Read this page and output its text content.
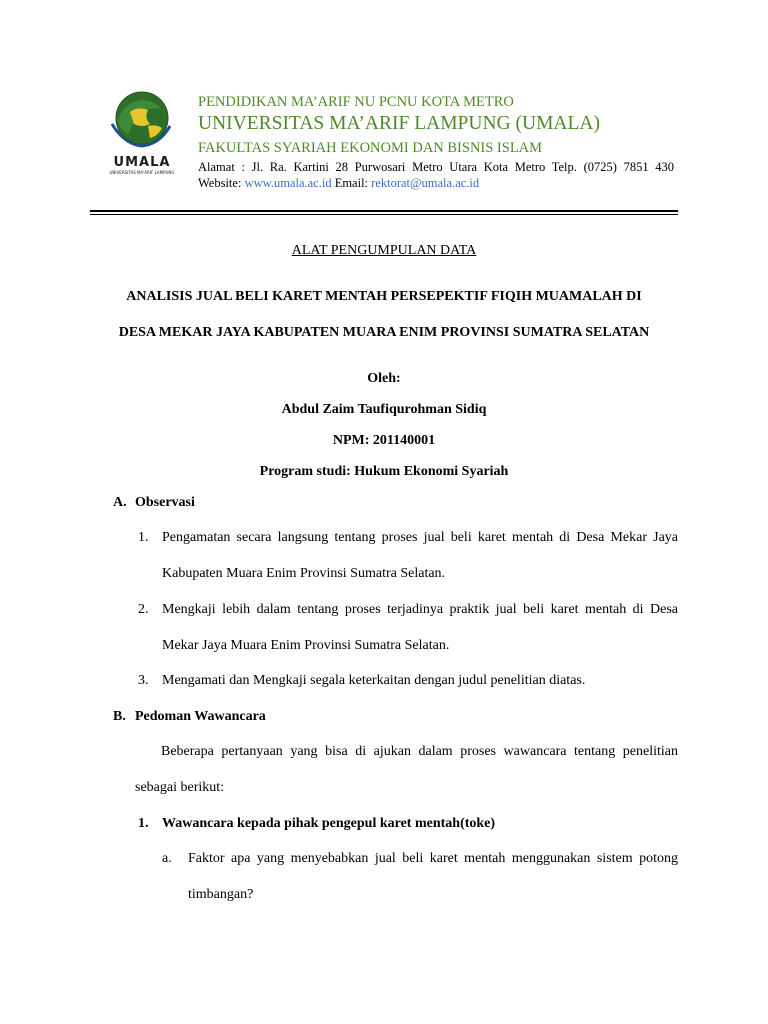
UMALA
UNIVERSITAS MA'ARIF LAMPUNG
PENDIDIKAN MA’ARIF NU PCNU KOTA METRO
UNIVERSITAS MA’ARIF LAMPUNG (UMALA)
FAKULTAS SYARIAH EKONOMI DAN BISNIS ISLAM
Alamat : Jl. Ra. Kartini 28 Purwosari Metro Utara Kota Metro Telp. (0725) 7851 430
Website: www.umala.ac.id Email: rektorat@umala.ac.id
ALAT PENGUMPULAN DATA
ANALISIS JUAL BELI KARET MENTAH PERSEPEKTIF FIQIH MUAMALAH DI
DESA MEKAR JAYA KABUPATEN MUARA ENIM PROVINSI SUMATRA SELATAN
Oleh:
Abdul Zaim Taufiqurohman Sidiq
NPM: 201140001
Program studi: Hukum Ekonomi Syariah
A. Observasi
1. Pengamatan secara langsung tentang proses jual beli karet mentah di Desa Mekar Jaya Kabupaten Muara Enim Provinsi Sumatra Selatan.
2. Mengkaji lebih dalam tentang proses terjadinya praktik jual beli karet mentah di Desa Mekar Jaya Muara Enim Provinsi Sumatra Selatan.
3. Mengamati dan Mengkaji segala keterkaitan dengan judul penelitian diatas.
B. Pedoman Wawancara
Beberapa pertanyaan yang bisa di ajukan dalam proses wawancara tentang penelitian sebagai berikut:
1. Wawancara kepada pihak pengepul karet mentah(toke)
a. Faktor apa yang menyebabkan jual beli karet mentah menggunakan sistem potong timbangan?
